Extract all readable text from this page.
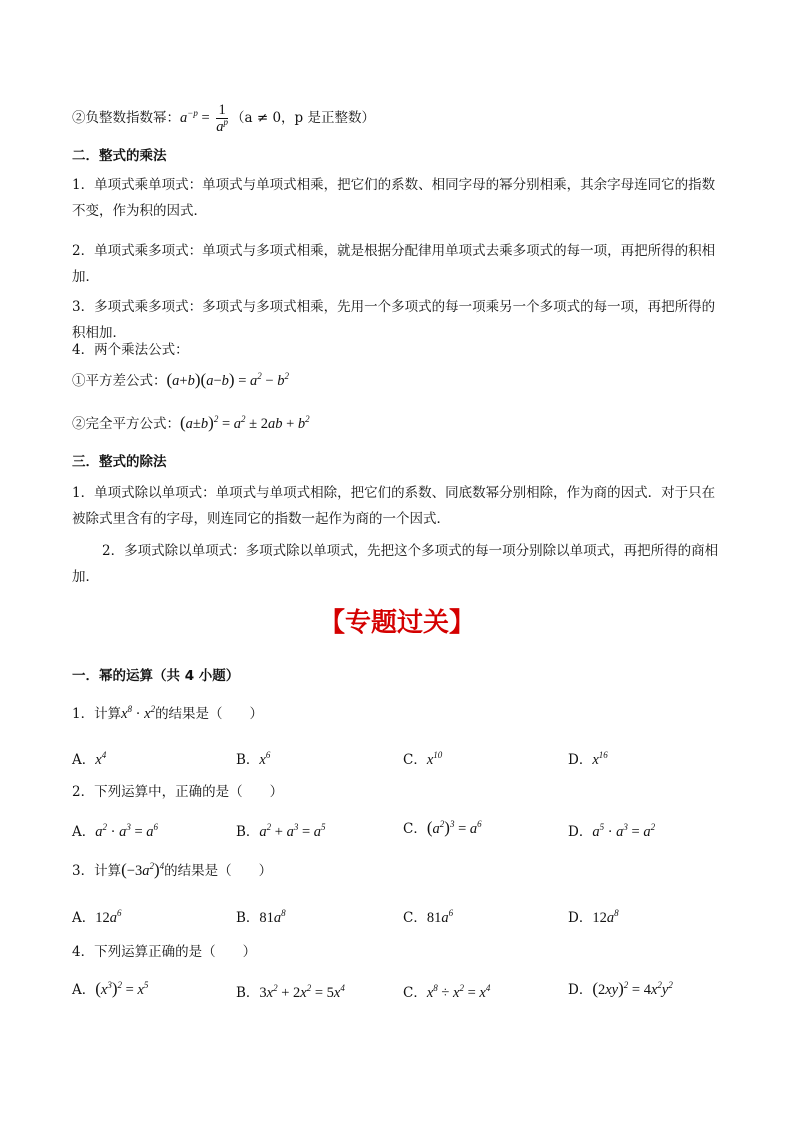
②负整数指数幂：$a^{-p} = \frac{1}{a^p} (a \ne 0$，p 是正整数）
二．整式的乘法
1．单项式乘单项式：单项式与单项式相乘，把它们的系数、相同字母的幂分别相乘，其余字母连同它的指数不变，作为积的因式．
2．单项式乘多项式：单项式与多项式相乘，就是根据分配律用单项式去乘多项式的每一项，再把所得的积相加．
3．多项式乘多项式：多项式与多项式相乘，先用一个多项式的每一项乘另一个多项式的每一项，再把所得的积相加．
4．两个乘法公式：
①平方差公式：$(a+b)(a-b) = a^2 - b^2$
②完全平方公式：$(a\pm b)^2 = a^2 \pm 2ab + b^2$
三．整式的除法
1．单项式除以单项式：单项式与单项式相除，把它们的系数、同底数幂分别相除，作为商的因式．对于只在被除式里含有的字母，则连同它的指数一起作为商的一个因式．
2．多项式除以单项式：多项式除以单项式，先把这个多项式的每一项分别除以单项式，再把所得的商相加．
【专题过关】
一．幂的运算（共 4 小题）
1．计算$x^8 \cdot x^2$的结果是（　　）
A．$x^4$	B．$x^6$	C．$x^{10}$	D．$x^{16}$
2．下列运算中，正确的是（　　）
A．$a^2 \cdot a^3 = a^6$	B．$a^2 + a^3 = a^5$	C．$(a^2)^3 = a^6$	D．$a^5 \cdot a^3 = a^2$
3．计算$(-3a^2)^4$的结果是（　　）
A．$12a^6$	B．$81a^8$	C．$81a^6$	D．$12a^8$
4．下列运算正确的是（　　）
A．$(x^3)^2 = x^5$	B．$3x^2 + 2x^2 = 5x^4$	C．$x^8 \div x^2 = x^4$	D．$(2xy)^2 = 4x^2y^2$
